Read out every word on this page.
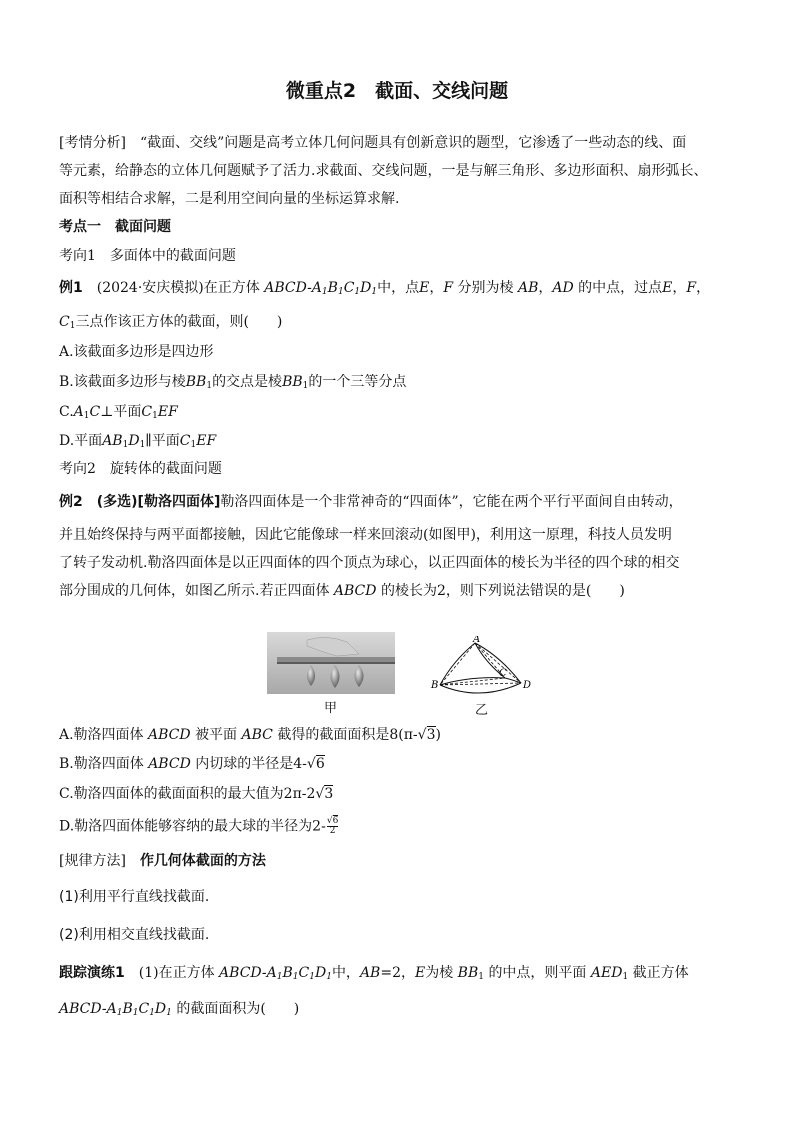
微重点2　截面、交线问题
[考情分析]　 “截面、交线”问题是高考立体几何问题具有创新意识的题型，它渗透了一些动态的线、面
等元素，给静态的立体几何题赋予了活力.求截面、交线问题，一是与解三角形、多边形面积、扇形弧长、
面积等相结合求解，二是利用空间向量的坐标运算求解.
考点一　截面问题
考向1　多面体中的截面问题
例1　 (2024·安庆模拟)在正方体 ABCD-$A_1B_1C_1D_1$中，点E，F 分别为棱 AB，AD 的中点，过点E，F，
$C_1$三点作该正方体的截面，则(　　)
A.该截面多边形是四边形
B.该截面多边形与棱$BB_1$的交点是棱$BB_1$的一个三等分点
$C.A_1C\perp$平面$C_1EF$
D.平面$AB_1D_1\parallel$平面$C_1EF$
考向2　旋转体的截面问题
例2　 (多选)[勒洛四面体]勒洛四面体是一个非常神奇的“四面体”，它能在两个平行平面间自由转动，
并且始终保持与两平面都接触，因此它能像球一样来回滚动(如图甲)，利用这一原理，科技人员发明
了转子发动机.勒洛四面体是以正四面体的四个顶点为球心，以正四面体的棱长为半径的四个球的相交
部分围成的几何体，如图乙所示.若正四面体 ABCD 的棱长为2，则下列说法错误的是(　　)
甲
A
B
C
D
乙
A.勒洛四面体 ABCD 被平面 ABC 截得的截面面积是8(π-√3)
B.勒洛四面体 ABCD 内切球的半径是4-√6
C.勒洛四面体的截面面积的最大值为2π-2√3
D.勒洛四面体能够容纳的最大球的半径为$2- \frac{√6}{2}$
[规律方法]　 作几何体截面的方法
(1)利用平行直线找截面.
(2)利用相交直线找截面.
跟踪演练1　 (1)在正方体 ABCD-$A_1B_1C_1D_1$中，AB=2，E为棱 $BB_1$ 的中点，则平面 $AED_1$ 截正方体
ABCD-$A_1B_1C_1D_1$ 的截面面积为(　　)
